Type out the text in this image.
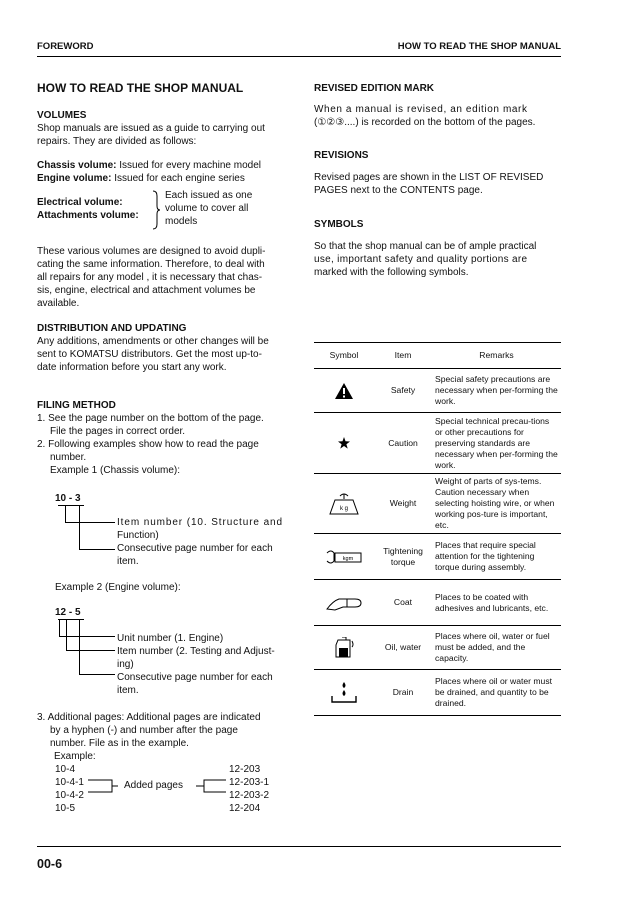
FOREWORD	HOW TO READ THE SHOP MANUAL
HOW TO READ THE SHOP MANUAL
VOLUMES
Shop manuals are issued as a guide to carrying out
repairs. They are divided as follows:
Chassis volume: Issued for every machine model
Engine volume: Issued for each engine series
Electrical volume:
Attachments volume:
Each issued as one
volume to cover all
models
These various volumes are designed to avoid dupli-
cating the same information. Therefore, to deal with
all repairs for any model , it is necessary that chas-
sis, engine, electrical and attachment volumes be
available.
DISTRIBUTION AND UPDATING
Any additions, amendments or other changes will be
sent to KOMATSU distributors. Get the most up-to-
date information before you start any work.
FILING METHOD
1. See the page number on the bottom of the page.
File the pages in correct order.
2. Following examples show how to read the page
number.
Example 1 (Chassis volume):
10 - 3
Item number (10. Structure and
Function)
Consecutive page number for each
item.
Example 2 (Engine volume):
12 - 5
Unit number (1. Engine)
Item number (2. Testing and Adjust-
ing)
Consecutive page number for each
item.
3. Additional pages: Additional pages are indicated
by a hyphen (-) and number after the page
number. File as in the example.
Example:
10-4
10-4-1
10-4-2
10-5
12-203
12-203-1
12-203-2
12-204
Added pages
00-6
REVISED EDITION MARK
When a manual is revised, an edition mark
(①②③....) is recorded on the bottom of the pages.
REVISIONS
Revised pages are shown in the LIST OF REVISED
PAGES next to the CONTENTS page.
SYMBOLS
So that the shop manual can be of ample practical
use, important safety and quality portions are
marked with the following symbols.
Symbol	Item	Remarks

	Safety	Special safety precautions are necessary when per-forming the work.

	Caution	Special technical precau-tions or other precautions for preserving standards are necessary when per-forming the work.

k g	Weight	Weight of parts of sys-tems. Caution necessary when selecting hoisting wire, or when working pos-ture is important, etc.

kgm	Tightening torque	Places that require special attention for the tightening torque during assembly.

	Coat	Places to be coated with adhesives and lubricants, etc.

	Oil, water	Places where oil, water or fuel must be added, and the capacity.

	Drain	Places where oil or water must be drained, and quantity to be drained.
